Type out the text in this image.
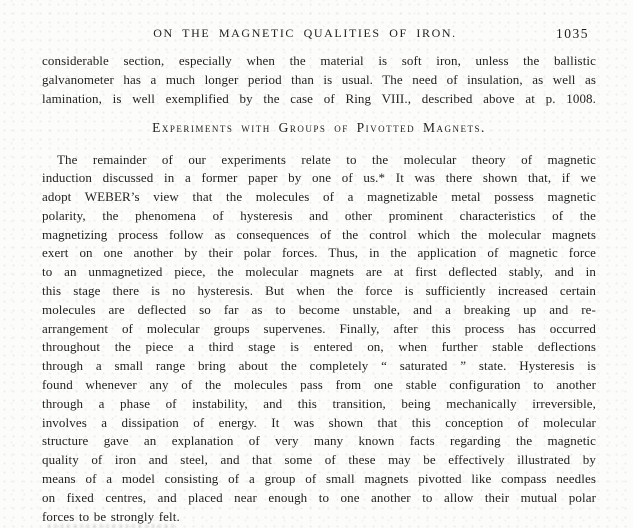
ON THE MAGNETIC QUALITIES OF IRON.	1035
considerable section, especially when the material is soft iron, unless the ballistic
galvanometer has a much longer period than is usual. The need of insulation, as well as
lamination, is well exemplified by the case of Ring VIII., described above at p. 1008.
Experiments with Groups of Pivotted Magnets.
The remainder of our experiments relate to the molecular theory of magnetic
induction discussed in a former paper by one of us.* It was there shown that, if we
adopt WEBER’s view that the molecules of a magnetizable metal possess magnetic
polarity, the phenomena of hysteresis and other prominent characteristics of the
magnetizing process follow as consequences of the control which the molecular magnets
exert on one another by their polar forces. Thus, in the application of magnetic force
to an unmagnetized piece, the molecular magnets are at first deflected stably, and in
this stage there is no hysteresis. But when the force is sufficiently increased certain
molecules are deflected so far as to become unstable, and a breaking up and re-
arrangement of molecular groups supervenes. Finally, after this process has occurred
throughout the piece a third stage is entered on, when further stable deflections
through a small range bring about the completely “ saturated ” state. Hysteresis is
found whenever any of the molecules pass from one stable configuration to another
through a phase of instability, and this transition, being mechanically irreversible,
involves a dissipation of energy. It was shown that this conception of molecular
structure gave an explanation of very many known facts regarding the magnetic
quality of iron and steel, and that some of these may be effectively illustrated by
means of a model consisting of a group of small magnets pivotted like compass needles
on fixed centres, and placed near enough to one another to allow their mutual polar
forces to be strongly felt.
